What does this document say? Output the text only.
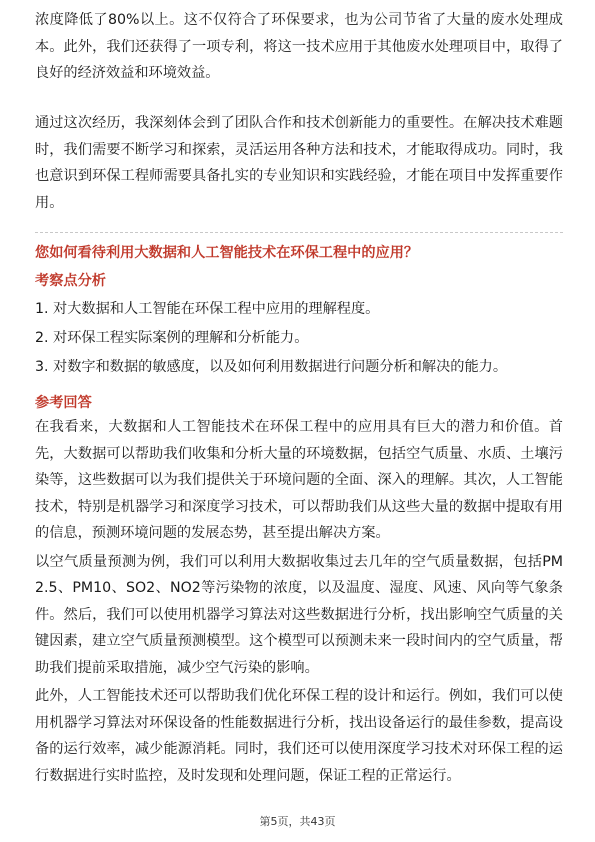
浓度降低了80%以上。这不仅符合了环保要求，也为公司节省了大量的废水处理成本。此外，我们还获得了一项专利，将这一技术应用于其他废水处理项目中，取得了良好的经济效益和环境效益。

通过这次经历，我深刻体会到了团队合作和技术创新能力的重要性。在解决技术难题时，我们需要不断学习和探索，灵活运用各种方法和技术，才能取得成功。同时，我也意识到环保工程师需要具备扎实的专业知识和实践经验，才能在项目中发挥重要作用。

您如何看待利用大数据和人工智能技术在环保工程中的应用？

考察点分析

1. 对大数据和人工智能在环保工程中应用的理解程度。
2. 对环保工程实际案例的理解和分析能力。
3. 对数字和数据的敏感度，以及如何利用数据进行问题分析和解决的能力。

参考回答

在我看来，大数据和人工智能技术在环保工程中的应用具有巨大的潜力和价值。首先，大数据可以帮助我们收集和分析大量的环境数据，包括空气质量、水质、土壤污染等，这些数据可以为我们提供关于环境问题的全面、深入的理解。其次，人工智能技术，特别是机器学习和深度学习技术，可以帮助我们从这些大量的数据中提取有用的信息，预测环境问题的发展态势，甚至提出解决方案。

以空气质量预测为例，我们可以利用大数据收集过去几年的空气质量数据，包括PM2.5、PM10、SO2、NO2等污染物的浓度，以及温度、湿度、风速、风向等气象条件。然后，我们可以使用机器学习算法对这些数据进行分析，找出影响空气质量的关键因素，建立空气质量预测模型。这个模型可以预测未来一段时间内的空气质量，帮助我们提前采取措施，减少空气污染的影响。

此外，人工智能技术还可以帮助我们优化环保工程的设计和运行。例如，我们可以使用机器学习算法对环保设备的性能数据进行分析，找出设备运行的最佳参数，提高设备的运行效率，减少能源消耗。同时，我们还可以使用深度学习技术对环保工程的运行数据进行实时监控，及时发现和处理问题，保证工程的正常运行。

第5页，共43页
